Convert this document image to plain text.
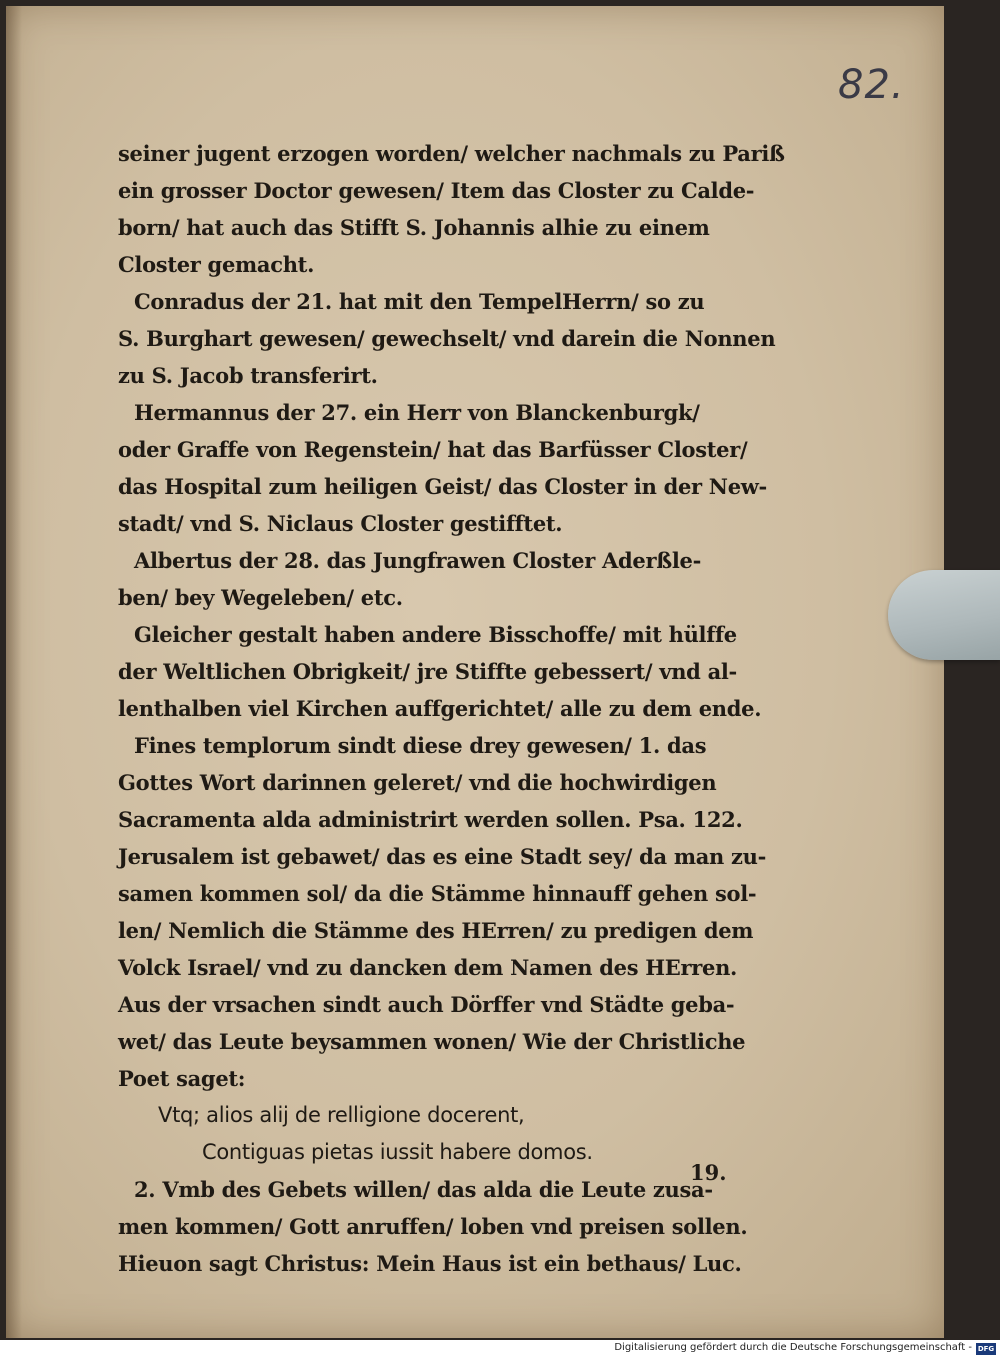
82.
seiner jugent erzogen worden/ welcher nachmals zu Pariß
ein grosser Doctor gewesen/ Item das Closter zu Calde-
born/ hat auch das Stifft S. Johannis alhie zu einem
Closter gemacht.
Conradus der 21. hat mit den TempelHerrn/ so zu
S. Burghart gewesen/ gewechselt/ vnd darein die Nonnen
zu S. Jacob transferirt.
Hermannus der 27. ein Herr von Blanckenburgk/
oder Graffe von Regenstein/ hat das Barfüsser Closter/
das Hospital zum heiligen Geist/ das Closter in der New-
stadt/ vnd S. Niclaus Closter gestifftet.
Albertus der 28. das Jungfrawen Closter Aderßle-
ben/ bey Wegeleben/ etc.
Gleicher gestalt haben andere Bisschoffe/ mit hülffe
der Weltlichen Obrigkeit/ jre Stiffte gebessert/ vnd al-
lenthalben viel Kirchen auffgerichtet/ alle zu dem ende.
Fines templorum sindt diese drey gewesen/ 1. das
Gottes Wort darinnen geleret/ vnd die hochwirdigen
Sacramenta alda administrirt werden sollen. Psa. 122.
Jerusalem ist gebawet/ das es eine Stadt sey/ da man zu-
samen kommen sol/ da die Stämme hinnauff gehen sol-
len/ Nemlich die Stämme des HErren/ zu predigen dem
Volck Israel/ vnd zu dancken dem Namen des HErren.
Aus der vrsachen sindt auch Dörffer vnd Städte geba-
wet/ das Leute beysammen wonen/ Wie der Christliche
Poet saget:
Vtq; alios alij de relligione docerent,
Contiguas pietas iussit habere domos.
2. Vmb des Gebets willen/ das alda die Leute zusa-
men kommen/ Gott anruffen/ loben vnd preisen sollen.
Hieuon sagt Christus: Mein Haus ist ein bethaus/ Luc.
19.
Digitalisierung gefördert durch die Deutsche Forschungsgemeinschaft - DFG
